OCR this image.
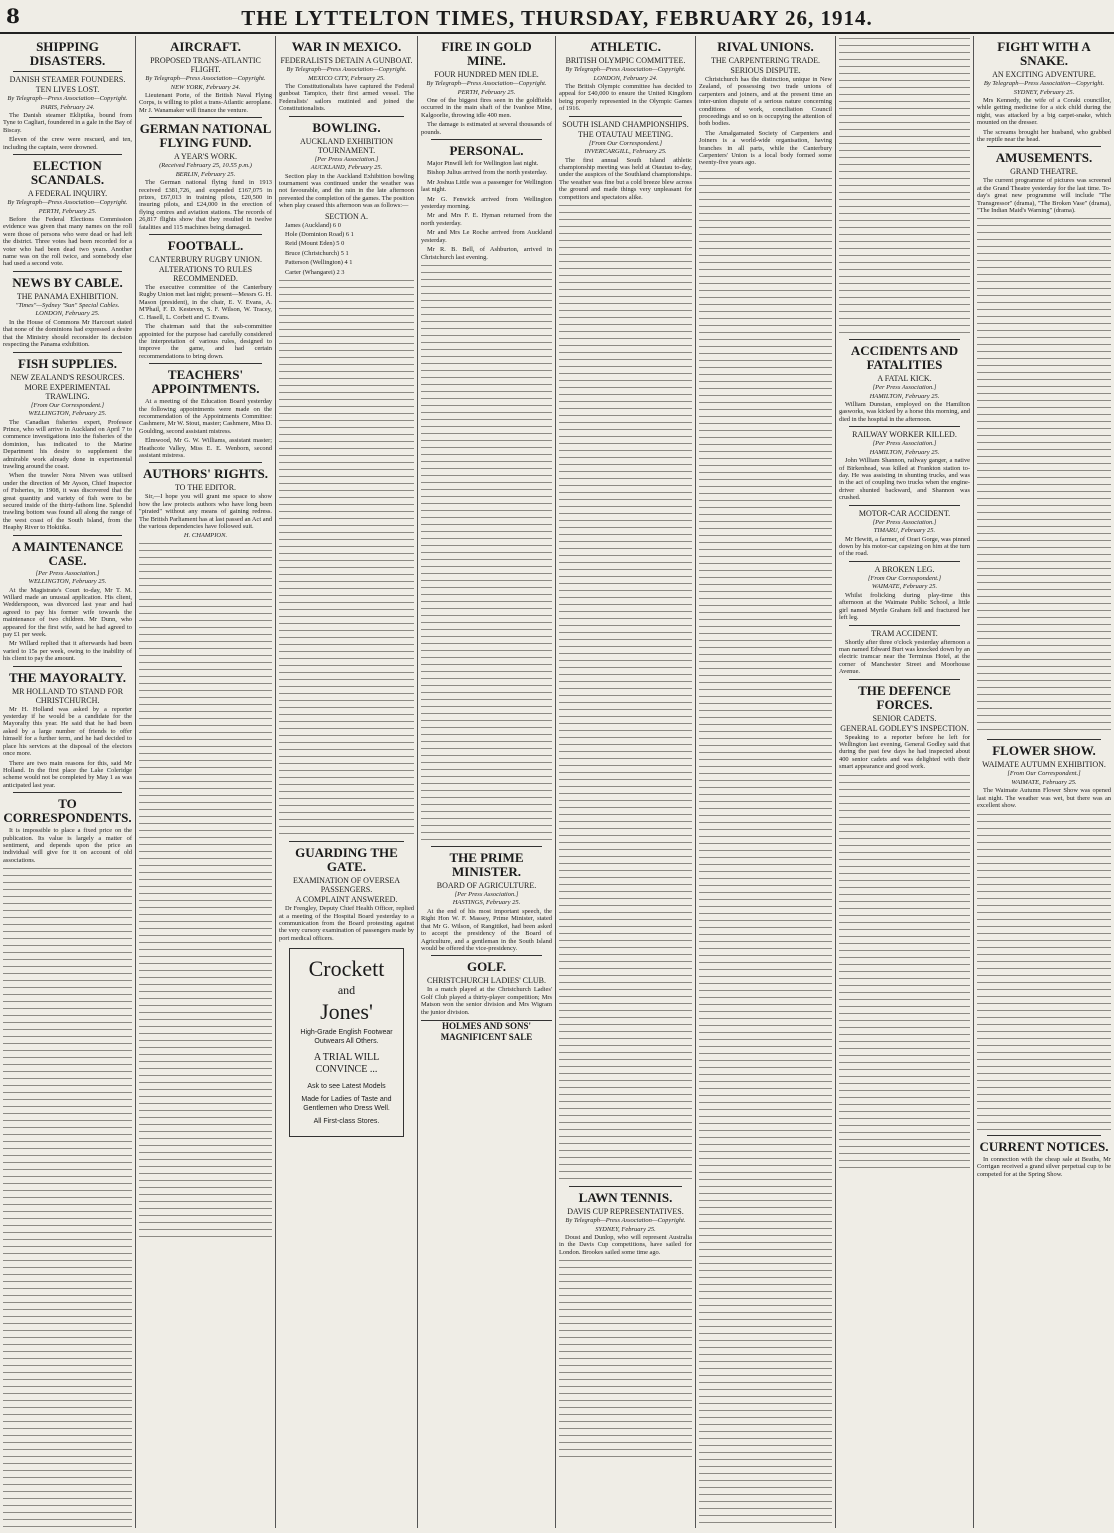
8	THE LYTTELTON TIMES, THURSDAY, FEBRUARY 26, 1914.
SHIPPING DISASTERS.
DANISH STEAMER FOUNDERS.
TEN LIVES LOST.
By Telegraph—Press Association—Copyright.
PARIS, February 24.

The Danish steamer Ekliptika, bound from Tyne to Cagliari, foundered in a gale in the Bay of Biscay.

Eleven of the crew were rescued, and ten, including the captain, were drowned.

ELECTION SCANDALS.
A FEDERAL INQUIRY.
By Telegraph—Press Association—Copyright.
PERTH, February 25.

Before the Federal Elections Commission evidence was given that many names on the roll were those of persons who were dead or had left the district. Three votes had been recorded for a voter who had been dead two years. Another name was on the roll twice, and somebody else had used a second vote.

NEWS BY CABLE.
THE PANAMA EXHIBITION.
"Times"—Sydney "Sun" Special Cables.
LONDON, February 25.

In the House of Commons Mr Harcourt stated that none of the dominions had expressed a desire that the Ministry should reconsider its decision respecting the Panama exhibition.

FISH SUPPLIES.
NEW ZEALAND'S RESOURCES.
MORE EXPERIMENTAL TRAWLING.
[From Our Correspondent.]
WELLINGTON, February 25.

The Canadian fisheries expert, Professor Prince, who will arrive in Auckland on April 7 to commence investigations into the fisheries of the dominion, has indicated to the Marine Department his desire to supplement the admirable work already done in experimental trawling around the coast.

When the trawler Nora Niven was utilised under the direction of Mr Ayson, Chief Inspector of Fisheries, in 1908, it was discovered that the great quantity and variety of fish were to be secured inside of the thirty-fathom line. Splendid trawling bottom was found all along the range of the west coast of the South Island, from the Heaphy River to Hokitika.

A MAINTENANCE CASE.
[Per Press Association.]
WELLINGTON, February 25.

At the Magistrate's Court to-day, Mr T. M. Willard made an unusual application. His client, Wedderspoon, was divorced last year and had agreed to pay his former wife towards the maintenance of two children. Mr Dunn, who appeared for the first wife, said he had agreed to pay £1 per week.

Mr Willard replied that it afterwards had been varied to 15s per week, owing to the inability of his client to pay the amount.

THE MAYORALTY.
MR HOLLAND TO STAND FOR CHRISTCHURCH.

Mr H. Holland was asked by a reporter yesterday if he would be a candidate for the Mayoralty this year. He said that he had been asked by a large number of friends to offer himself for a further term, and he had decided to place his services at the disposal of the electors once more.

There are two main reasons for this, said Mr Holland. In the first place the Lake Coleridge scheme would not be completed by May 1 as was anticipated last year.

TO CORRESPONDENTS.

It is impossible to place a fixed price on the publication. Its value is largely a matter of sentiment, and depends upon the price an individual will give for it on account of old associations.

AIRCRAFT.
PROPOSED TRANS-ATLANTIC FLIGHT.
By Telegraph—Press Association—Copyright.
NEW YORK, February 24.

Lieutenant Porte, of the British Naval Flying Corps, is willing to pilot a trans-Atlantic aeroplane. Mr J. Wanamaker will finance the venture.

GERMAN NATIONAL FLYING FUND.
A YEAR'S WORK.
(Received February 25, 10.55 p.m.)
BERLIN, February 25.

The German national flying fund in 1913 received £381,726, and expended £167,075 in prizes, £67,013 in training pilots, £20,500 in insuring pilots, and £24,000 in the erection of flying centres and aviation stations. The records of 26,817 flights show that they resulted in twelve fatalities and 115 machines being damaged.

FOOTBALL.
CANTERBURY RUGBY UNION.
ALTERATIONS TO RULES RECOMMENDED.

The executive committee of the Canterbury Rugby Union met last night; present—Messrs G. H. Mason (president), in the chair, E. V. Evans, A. M'Phail, F. D. Kesteven, S. F. Wilson, W. Tracey, C. Hasell, L. Corbett and C. Evans.

The chairman said that the sub-committee appointed for the purpose had carefully considered the interpretation of various rules, designed to improve the game, and had certain recommendations to bring down.

TEACHERS' APPOINTMENTS.

At a meeting of the Education Board yesterday the following appointments were made on the recommendation of the Appointments Committee: Cashmere, Mr W. Stout, master; Cashmere, Miss D. Goulding, second assistant mistress.

Elmwood, Mr G. W. Williams, assistant master; Heathcote Valley, Miss E. E. Wenborn, second assistant mistress.

AUTHORS' RIGHTS.
TO THE EDITOR.

Sir,—I hope you will grant me space to show how the law protects authors who have long been "pirated" without any means of gaining redress. The British Parliament has at last passed an Act and the various dependencies have followed suit.

H. CHAMPION.
WAR IN MEXICO.
FEDERALISTS DETAIN A GUNBOAT.
By Telegraph—Press Association—Copyright.
MEXICO CITY, February 25.

The Constitutionalists have captured the Federal gunboat Tampico, their first armed vessel. The Federalists' sailors mutinied and joined the Constitutionalists.

BOWLING.
AUCKLAND EXHIBITION TOURNAMENT.
[Per Press Association.]
AUCKLAND, February 25.

Section play in the Auckland Exhibition bowling tournament was continued under the weather was not favourable, and the rain in the late afternoon prevented the completion of the games. The position when play ceased this afternoon was as follows:—

SECTION A.

James (Auckland) 6 0

Hole (Dominion Road) 6 1

Reid (Mount Eden) 5 0

Bruce (Christchurch) 5 1

Patterson (Wellington) 4 1

Carter (Whangarei) 2 3

GUARDING THE GATE.
EXAMINATION OF OVERSEA PASSENGERS.
A COMPLAINT ANSWERED.

Dr Frengley, Deputy Chief Health Officer, replied at a meeting of the Hospital Board yesterday to a communication from the Board protesting against the very cursory examination of passengers made by port medical officers.

Crockett
and
Jones'
High-Grade English Footwear Outwears All Others.
A TRIAL WILL CONVINCE ...
Ask to see Latest Models
Made for Ladies of Taste and Gentlemen who Dress Well.
All First-class Stores.
FIRE IN GOLD MINE.
FOUR HUNDRED MEN IDLE.
By Telegraph—Press Association—Copyright.
PERTH, February 25.

One of the biggest fires seen in the goldfields occurred in the main shaft of the Ivanhoe Mine, Kalgoorlie, throwing idle 400 men.

The damage is estimated at several thousands of pounds.

PERSONAL.

Major Pinwill left for Wellington last night.

Bishop Julius arrived from the north yesterday.

Mr Joshua Little was a passenger for Wellington last night.

Mr G. Fenwick arrived from Wellington yesterday morning.

Mr and Mrs F. E. Hyman returned from the north yesterday.

Mr and Mrs Le Roche arrived from Auckland yesterday.

Mr R. B. Bell, of Ashburton, arrived in Christchurch last evening.

THE PRIME MINISTER.
BOARD OF AGRICULTURE.
[Per Press Association.]
HASTINGS, February 25.

At the end of his most important speech, the Right Hon W. F. Massey, Prime Minister, stated that Mr G. Wilson, of Rangitikei, had been asked to accept the presidency of the Board of Agriculture, and a gentleman in the South Island would be offered the vice-presidency.

GOLF.
CHRISTCHURCH LADIES' CLUB.

In a match played at the Christchurch Ladies' Golf Club played a thirty-player competition; Mrs Matson won the senior division and Mrs Wigram the junior division.

HOLMES AND SONS' MAGNIFICENT SALE
ATHLETIC.
BRITISH OLYMPIC COMMITTEE.
By Telegraph—Press Association—Copyright.
LONDON, February 24.

The British Olympic committee has decided to appeal for £40,000 to ensure the United Kingdom being properly represented in the Olympic Games of 1916.

SOUTH ISLAND CHAMPIONSHIPS.
THE OTAUTAU MEETING.
[From Our Correspondent.]
INVERCARGILL, February 25.

The first annual South Island athletic championship meeting was held at Otautau to-day, under the auspices of the Southland championships. The weather was fine but a cold breeze blew across the ground and made things very unpleasant for competitors and spectators alike.

LAWN TENNIS.
DAVIS CUP REPRESENTATIVES.
By Telegraph—Press Association—Copyright.
SYDNEY, February 25.

Doust and Dunlop, who will represent Australia in the Davis Cup competitions, have sailed for London. Brookes sailed some time ago.

RIVAL UNIONS.
THE CARPENTERING TRADE.
SERIOUS DISPUTE.

Christchurch has the distinction, unique in New Zealand, of possessing two trade unions of carpenters and joiners, and at the present time an inter-union dispute of a serious nature concerning conditions of work, conciliation Council proceedings and so on is occupying the attention of both bodies.

The Amalgamated Society of Carpenters and Joiners is a world-wide organisation, having branches in all parts, while the Canterbury Carpenters' Union is a local body formed some twenty-five years ago.

ACCIDENTS AND FATALITIES
A FATAL KICK.
[Per Press Association.]
HAMILTON, February 25.

William Dunstan, employed on the Hamilton gasworks, was kicked by a horse this morning, and died in the hospital in the afternoon.

RAILWAY WORKER KILLED.
[Per Press Association.]
HAMILTON, February 25.

John William Shannon, railway ganger, a native of Birkenhead, was killed at Frankton station to-day. He was assisting in shunting trucks, and was in the act of coupling two trucks when the engine-driver shunted backward, and Shannon was crushed.

MOTOR-CAR ACCIDENT.
[Per Press Association.]
TIMARU, February 25.

Mr Hewitt, a farmer, of Orari Gorge, was pinned down by his motor-car capsizing on him at the turn of the road.

A BROKEN LEG.
[From Our Correspondent.]
WAIMATE, February 25.

Whilst frolicking during play-time this afternoon at the Waimate Public School, a little girl named Myrtle Graham fell and fractured her left leg.

TRAM ACCIDENT.

Shortly after three o'clock yesterday afternoon a man named Edward Burt was knocked down by an electric tramcar near the Terminus Hotel, at the corner of Manchester Street and Moorhouse Avenue.

THE DEFENCE FORCES.
SENIOR CADETS.
GENERAL GODLEY'S INSPECTION.

Speaking to a reporter before he left for Wellington last evening, General Godley said that during the past few days he had inspected about 400 senior cadets and was delighted with their smart appearance and good work.

FIGHT WITH A SNAKE.
AN EXCITING ADVENTURE.
By Telegraph—Press Association—Copyright.
SYDNEY, February 25.

Mrs Kennedy, the wife of a Coraki councillor, while getting medicine for a sick child during the night, was attacked by a big carpet-snake, which mounted on the dresser.

The screams brought her husband, who grabbed the reptile near the head.

AMUSEMENTS.
GRAND THEATRE.

The current programme of pictures was screened at the Grand Theatre yesterday for the last time. To-day's great new programme will include "The Transgressor" (drama), "The Broken Vase" (drama), "The Indian Maid's Warning" (drama).

FLOWER SHOW.
WAIMATE AUTUMN EXHIBITION.
[From Our Correspondent.]
WAIMATE, February 25.

The Waimate Autumn Flower Show was opened last night. The weather was wet, but there was an excellent show.

CURRENT NOTICES.

In connection with the cheap sale at Beaths, Mr Corrigan received a grand silver perpetual cup to be competed for at the Spring Show.
